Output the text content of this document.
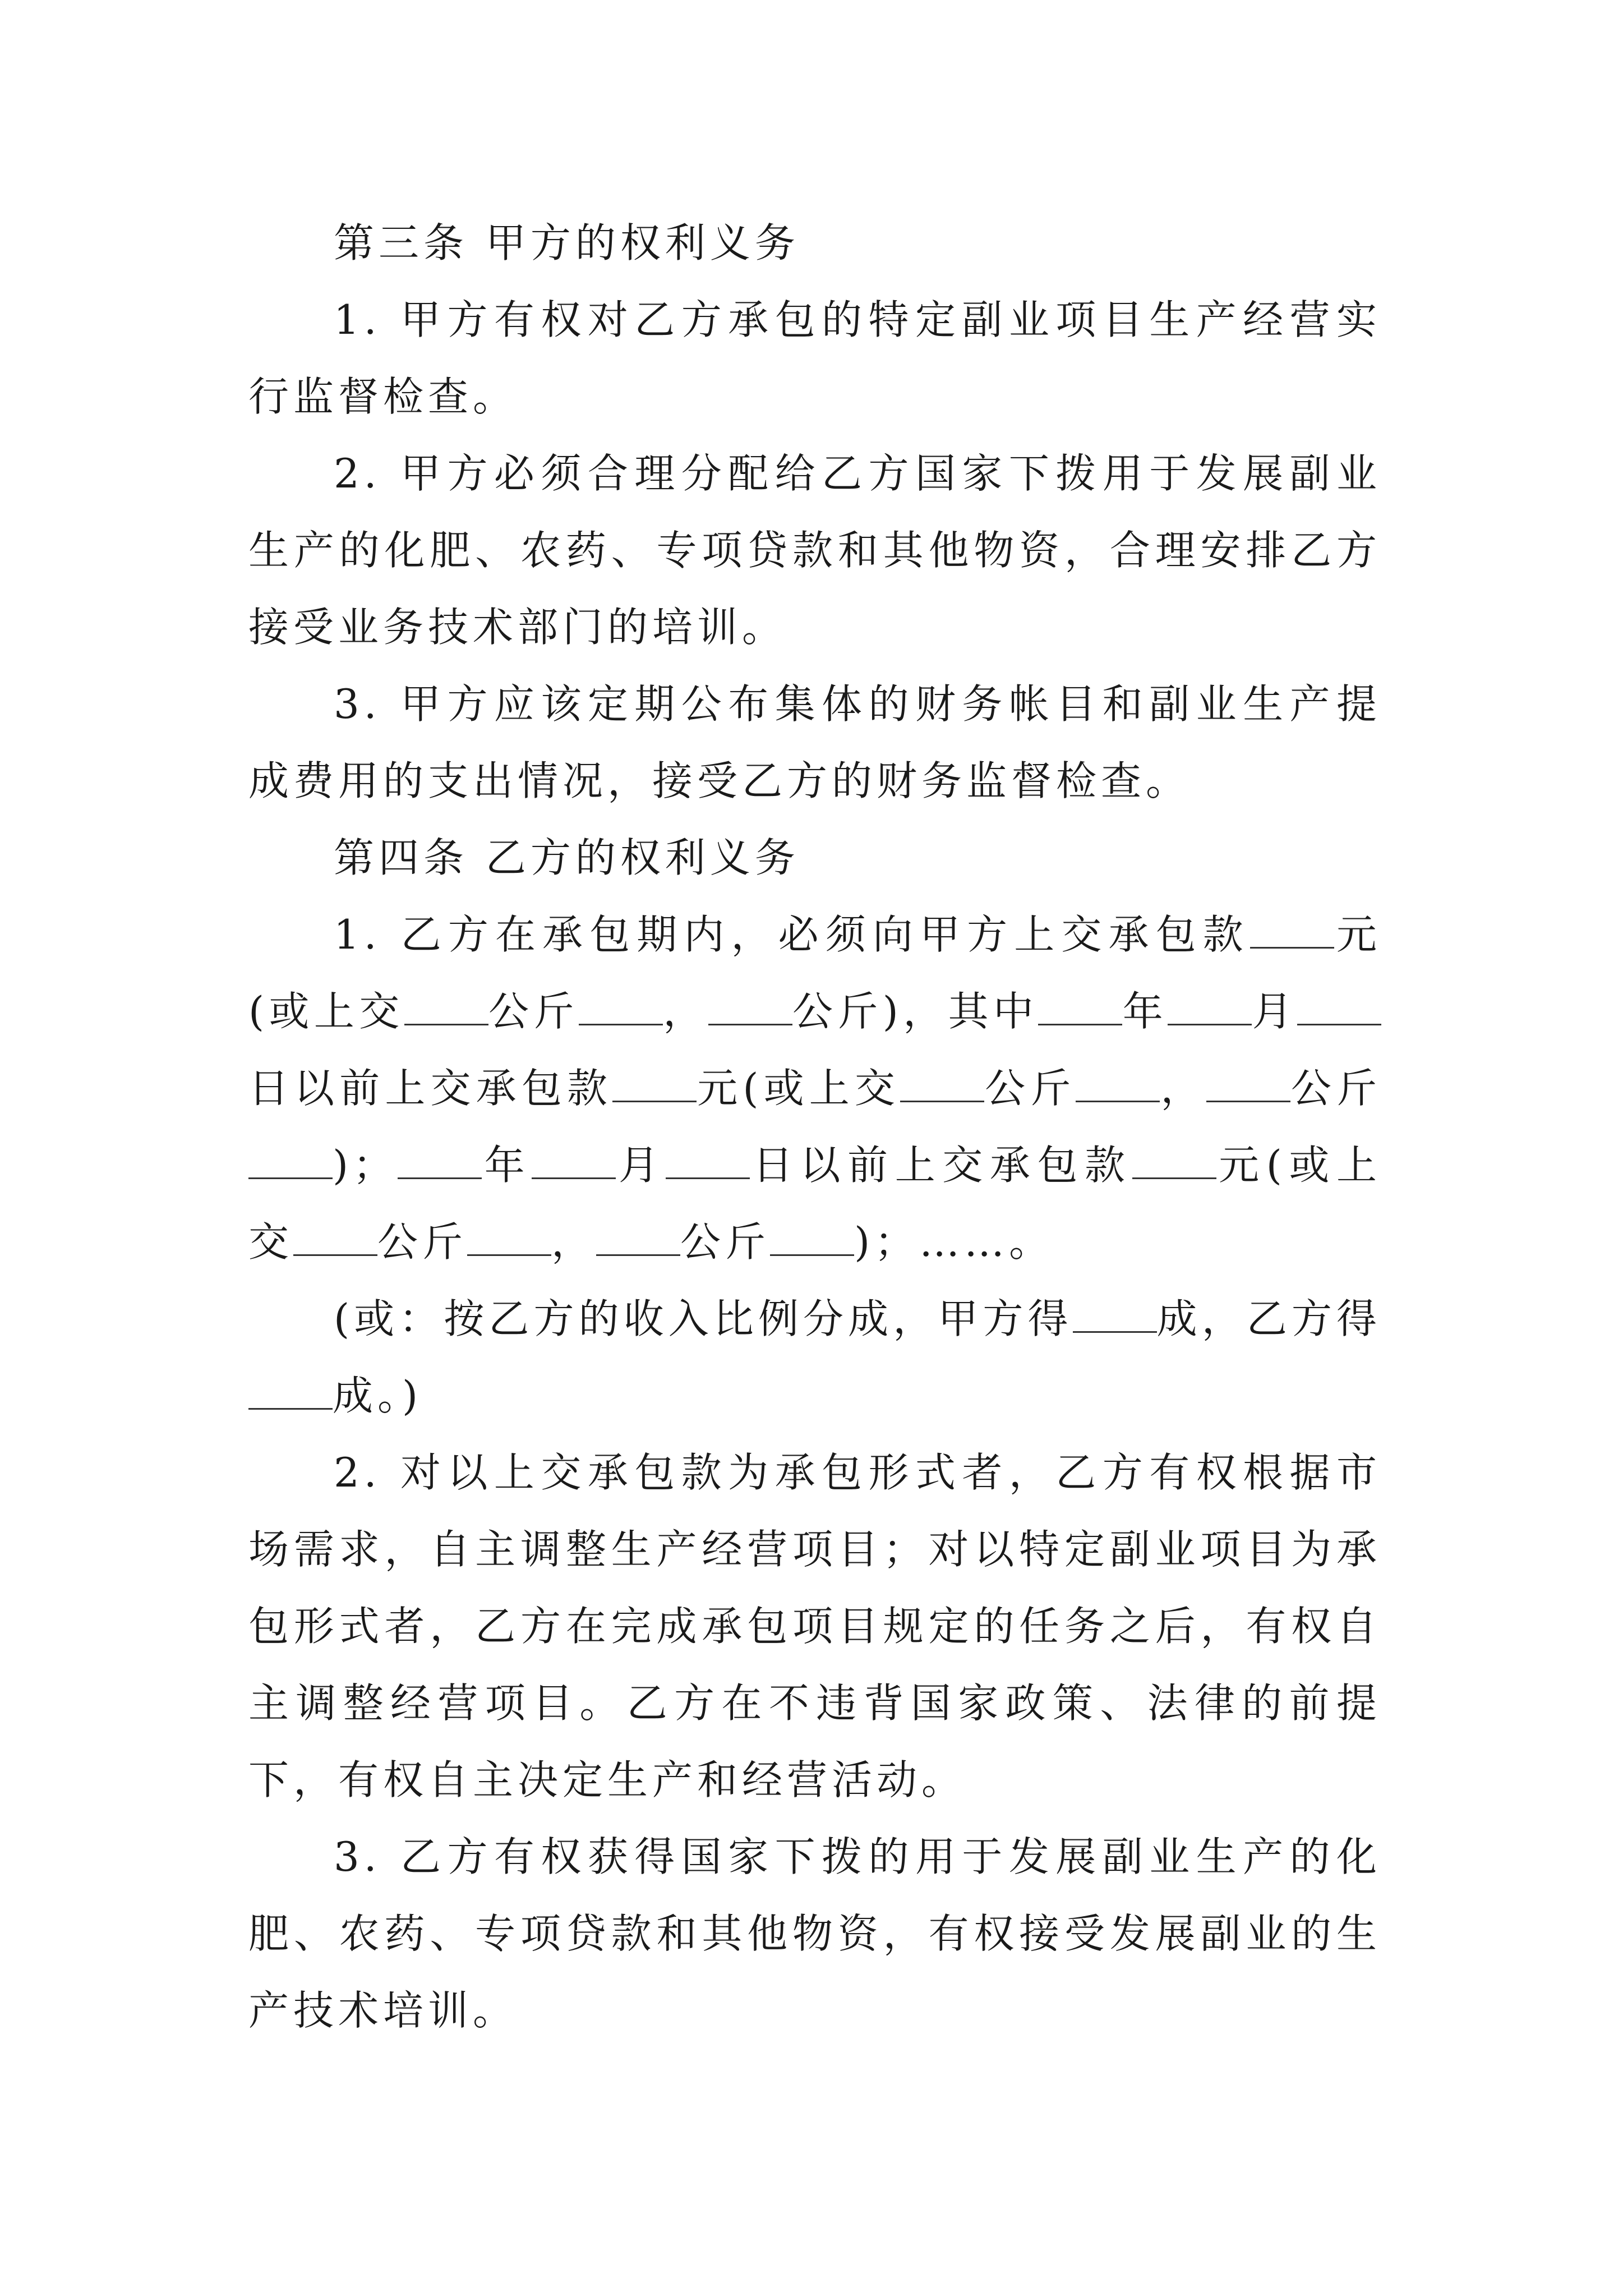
第三条 甲方的权利义务

1. 甲方有权对乙方承包的特定副业项目生产经营实行监督检查。

2. 甲方必须合理分配给乙方国家下拨用于发展副业生产的化肥、农药、专项贷款和其他物资，合理安排乙方接受业务技术部门的培训。

3. 甲方应该定期公布集体的财务帐目和副业生产提成费用的支出情况，接受乙方的财务监督检查。

第四条 乙方的权利义务

1. 乙方在承包期内，必须向甲方上交承包款 元(或上交 公斤 ， 公斤)，其中 年 月日以前上交承包款 元(或上交 公斤 ， 公斤)； 年 月 日以前上交承包款 元(或上交 公斤 ， 公斤 )；……。

(或：按乙方的收入比例分成，甲方得 成，乙方得成。)

2. 对以上交承包款为承包形式者，乙方有权根据市场需求，自主调整生产经营项目；对以特定副业项目为承包形式者，乙方在完成承包项目规定的任务之后，有权自主调整经营项目。乙方在不违背国家政策、法律的前提下，有权自主决定生产和经营活动。

3. 乙方有权获得国家下拨的用于发展副业生产的化肥、农药、专项贷款和其他物资，有权接受发展副业的生产技术培训。
